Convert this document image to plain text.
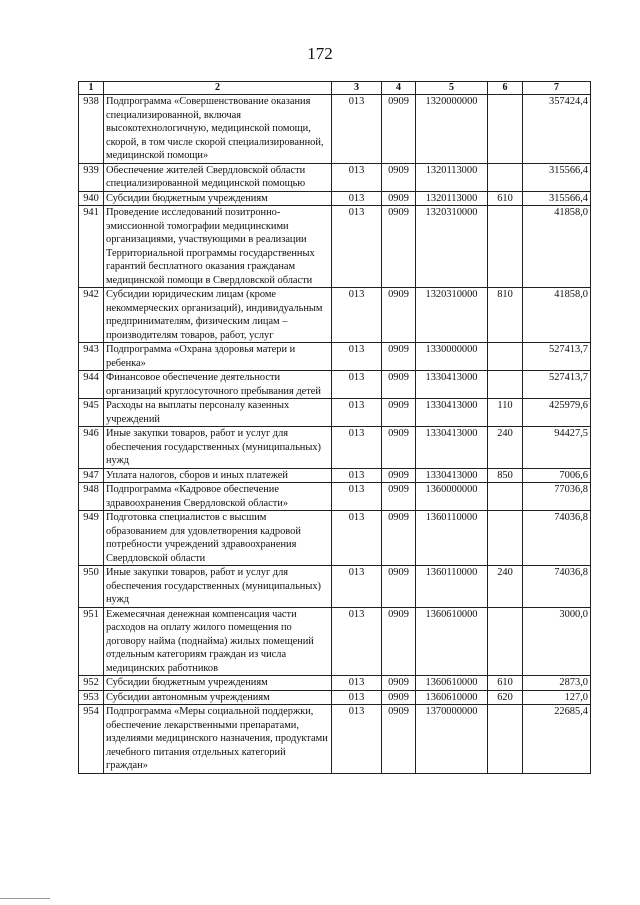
172
1	2	3	4	5	6	7
938	Подпрограмма «Совершенствование оказания специализированной, включая высокотехнологичную, медицинской помощи, скорой, в том числе скорой специализированной, медицинской помощи»	013	0909	1320000000		357424,4
939	Обеспечение жителей Свердловской области специализированной медицинской помощью	013	0909	1320113000		315566,4
940	Субсидии бюджетным учреждениям	013	0909	1320113000	610	315566,4
941	Проведение исследований позитронно-эмиссионной томографии медицинскими организациями, участвующими в реализации Территориальной программы государственных гарантий бесплатного оказания гражданам медицинской помощи в Свердловской области	013	0909	1320310000		41858,0
942	Субсидии юридическим лицам (кроме некоммерческих организаций), индивидуальным предпринимателям, физическим лицам – производителям товаров, работ, услуг	013	0909	1320310000	810	41858,0
943	Подпрограмма «Охрана здоровья матери и ребенка»	013	0909	1330000000		527413,7
944	Финансовое обеспечение деятельности организаций круглосуточного пребывания детей	013	0909	1330413000		527413,7
945	Расходы на выплаты персоналу казенных учреждений	013	0909	1330413000	110	425979,6
946	Иные закупки товаров, работ и услуг для обеспечения государственных (муниципальных) нужд	013	0909	1330413000	240	94427,5
947	Уплата налогов, сборов и иных платежей	013	0909	1330413000	850	7006,6
948	Подпрограмма «Кадровое обеспечение здравоохранения Свердловской области»	013	0909	1360000000		77036,8
949	Подготовка специалистов с высшим образованием для удовлетворения кадровой потребности учреждений здравоохранения Свердловской области	013	0909	1360110000		74036,8
950	Иные закупки товаров, работ и услуг для обеспечения государственных (муниципальных) нужд	013	0909	1360110000	240	74036,8
951	Ежемесячная денежная компенсация части расходов на оплату жилого помещения по договору найма (поднайма) жилых помещений отдельным категориям граждан из числа медицинских работников	013	0909	1360610000		3000,0
952	Субсидии бюджетным учреждениям	013	0909	1360610000	610	2873,0
953	Субсидии автономным учреждениям	013	0909	1360610000	620	127,0
954	Подпрограмма «Меры социальной поддержки, обеспечение лекарственными препаратами, изделиями медицинского назначения, продуктами лечебного питания отдельных категорий граждан»	013	0909	1370000000		22685,4
